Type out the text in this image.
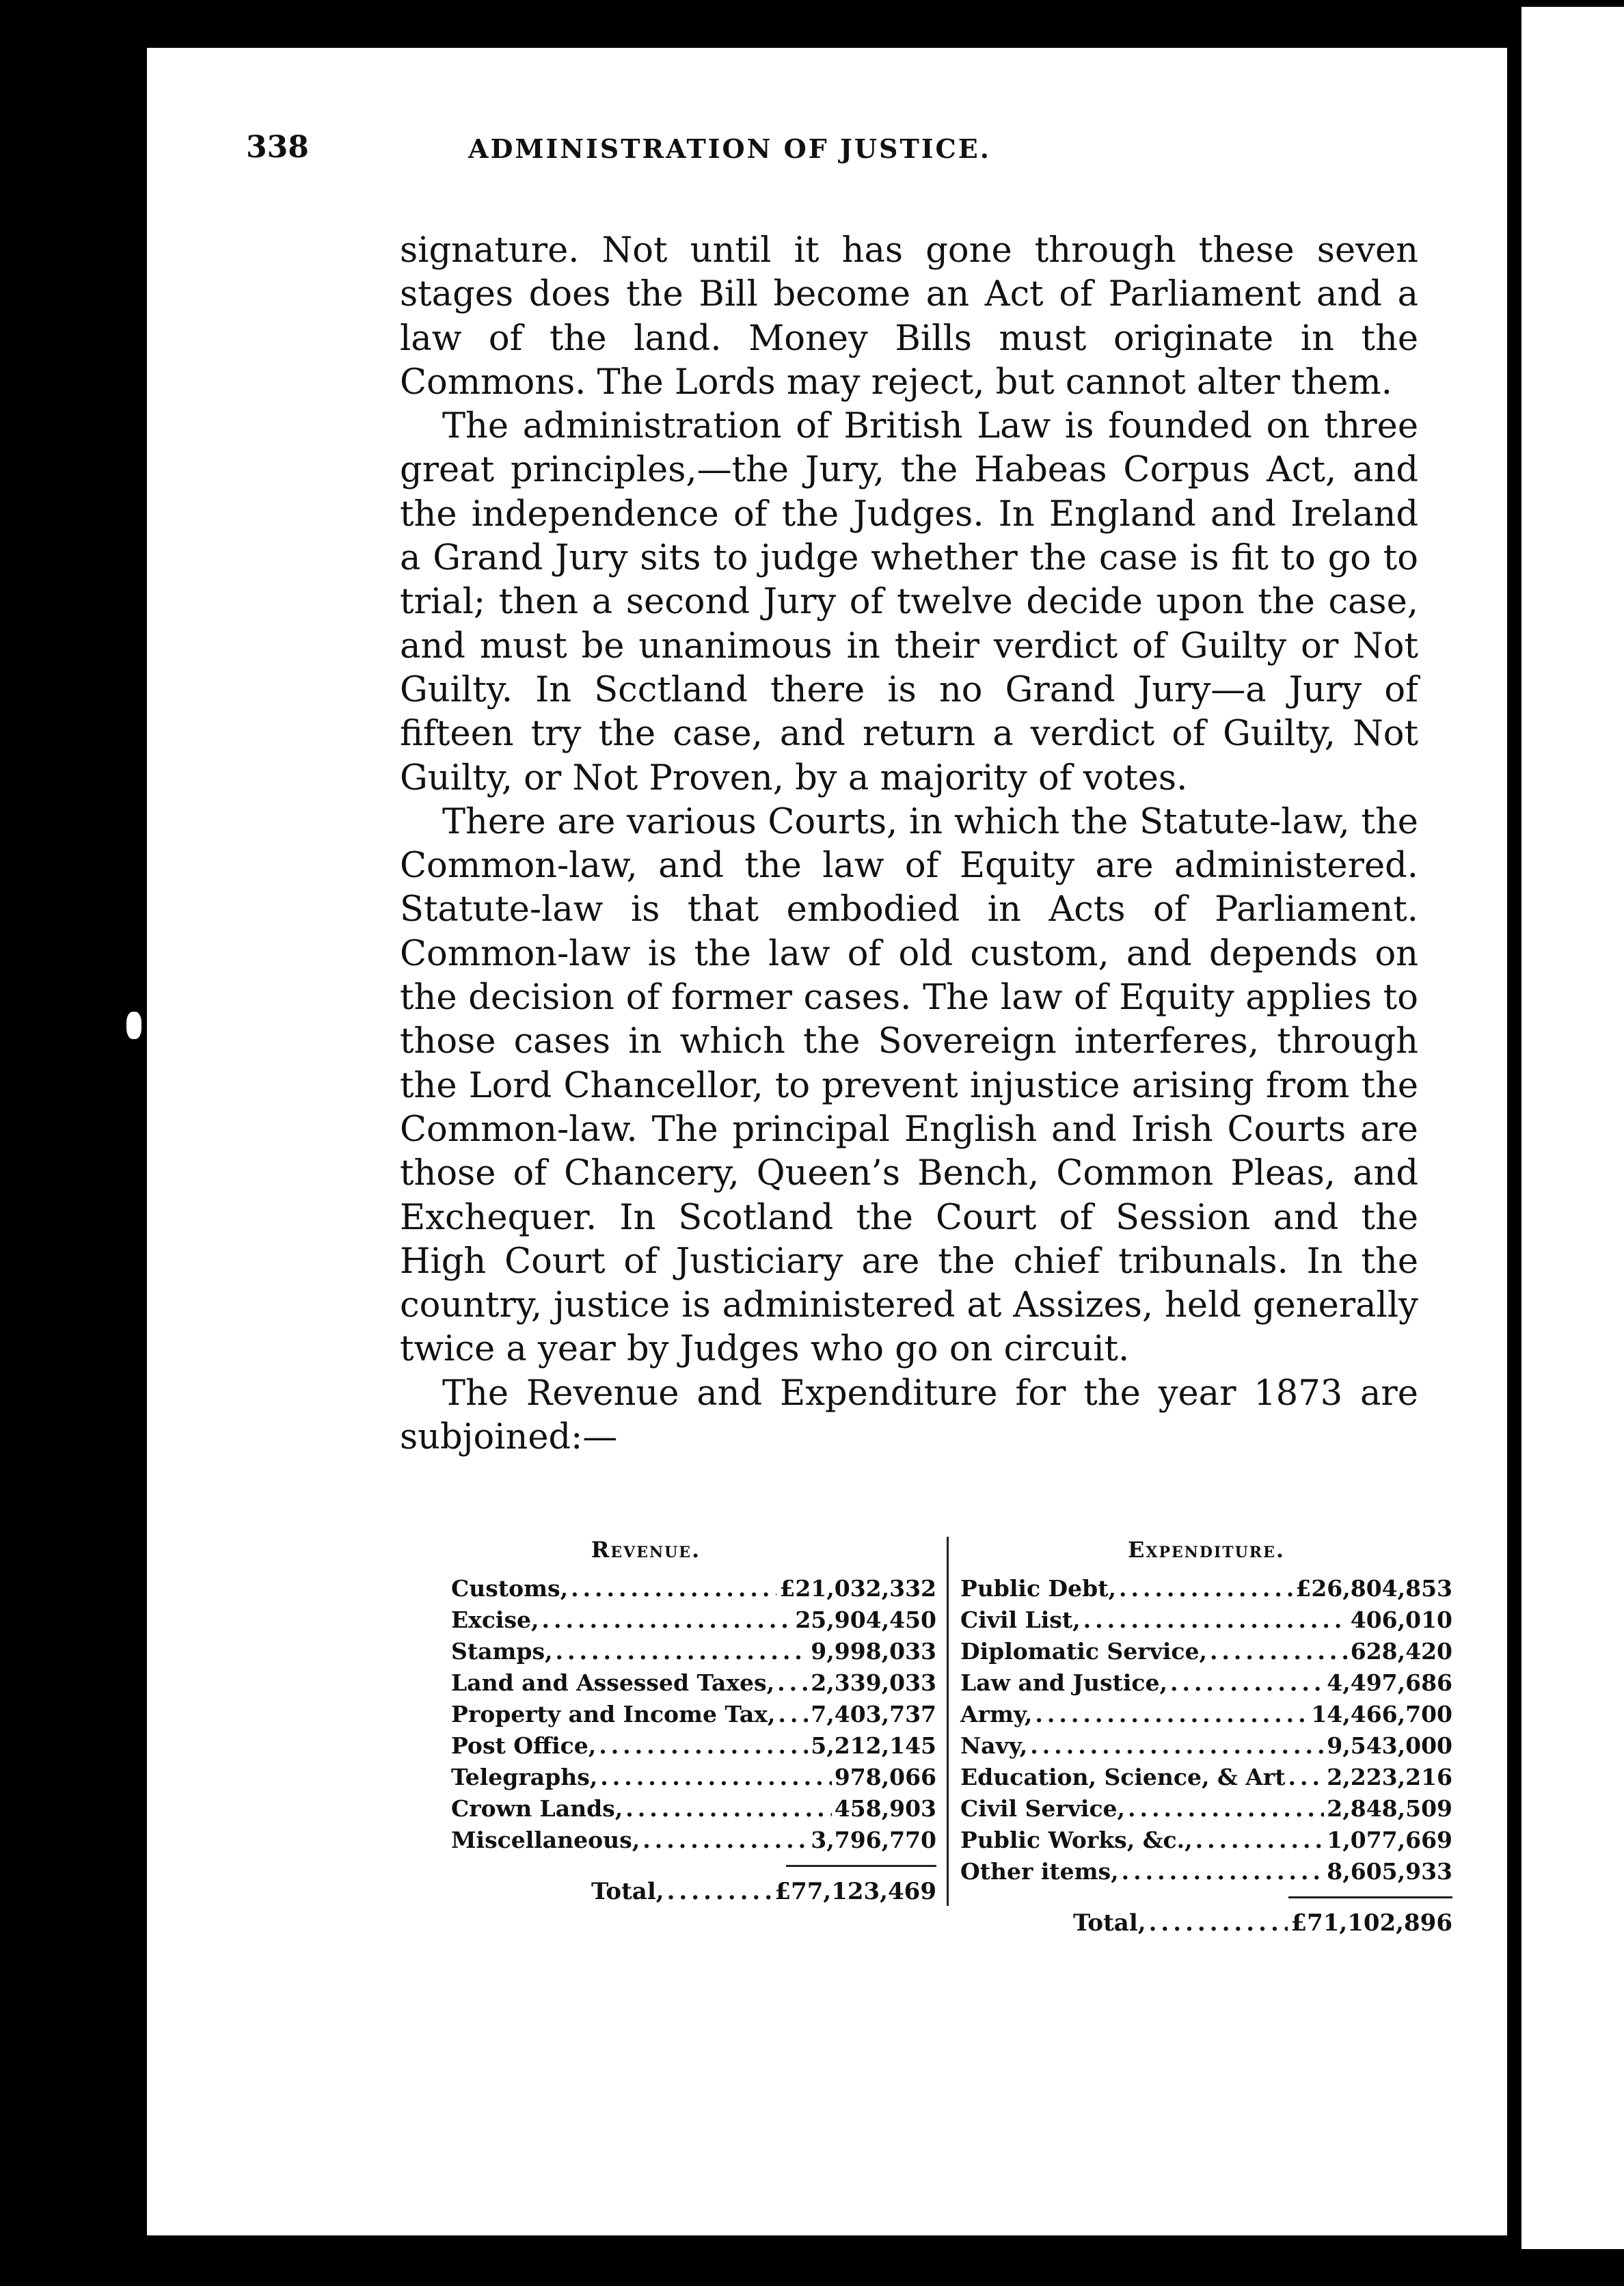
338	ADMINISTRATION OF JUSTICE.

signature. Not until it has gone through these seven stages does the Bill become an Act of Parliament and a law of the land. Money Bills must originate in the Commons. The Lords may reject, but cannot alter them.

The administration of British Law is founded on three great principles,—the Jury, the Habeas Corpus Act, and the independence of the Judges. In England and Ireland a Grand Jury sits to judge whether the case is fit to go to trial; then a second Jury of twelve decide upon the case, and must be unanimous in their verdict of Guilty or Not Guilty. In Scctland there is no Grand Jury—a Jury of fifteen try the case, and return a verdict of Guilty, Not Guilty, or Not Proven, by a majority of votes.

There are various Courts, in which the Statute-law, the Common-law, and the law of Equity are administered. Statute-law is that embodied in Acts of Parliament. Common-law is the law of old custom, and depends on the decision of former cases. The law of Equity applies to those cases in which the Sovereign interferes, through the Lord Chancellor, to prevent injustice arising from the Common-law. The principal English and Irish Courts are those of Chancery, Queen’s Bench, Common Pleas, and Exchequer. In Scotland the Court of Session and the High Court of Justiciary are the chief tribunals. In the country, justice is administered at Assizes, held generally twice a year by Judges who go on circuit.

The Revenue and Expenditure for the year 1873 are subjoined:—

Revenue.
Customs, .....	£21,032,332
Excise, .....	25,904,450
Stamps, .....	9,998,033
Land and Assessed Taxes, ..... 2,339,033
Property and Income Tax, ..... 7,403,737
Post Office, .....	5,212,145
Telegraphs, .....	978,066
Crown Lands, .....	458,903
Miscellaneous, .....	3,796,770
Total, .....	£77,123,469
Expenditure.
Public Debt, .....	£26,804,853
Civil List, .....	406,010
Diplomatic Service, .....	628,420
Law and Justice, .....	4,497,686
Army, .....	14,466,700
Navy, .....	9,543,000
Education, Science, & Art ..... 2,223,216
Civil Service, .....	2,848,509
Public Works, &c., .....	1,077,669
Other items, .....	8,605,933
Total, .....	£71,102,896
